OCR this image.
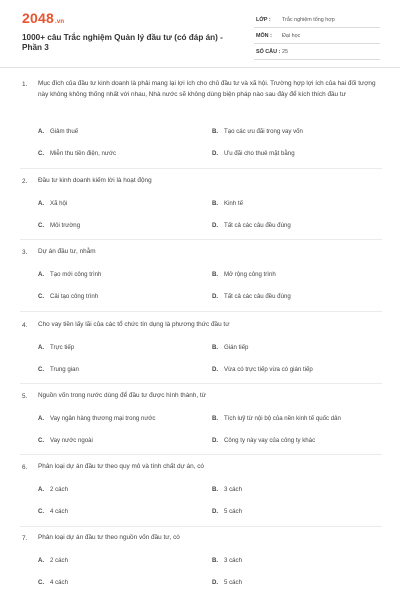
2048.vn
1000+ câu Trắc nghiệm Quản lý đầu tư (có đáp án) - Phần 3
LỚP : Trắc nghiệm tổng hợp
MÔN : Đại học
SỐ CÂU : 25
1. Mục đích của đầu tư kinh doanh là phải mang lại lợi ích cho chủ đầu tư và xã hội. Trường hợp lợi ích của hai đối tượng này không không thống nhất với nhau, Nhà nước sẽ không dùng biện pháp nào sau đây để kích thích đầu tư
A. Giảm thuế	B. Tạo các ưu đãi trong vay vốn
C. Miễn thu tiền điện, nước	D. Ưu đãi cho thuê mặt bằng
2. Đầu tư kinh doanh kiếm lời là hoạt động
A. Xã hội	B. Kinh tế
C. Môi trường	D. Tất cả các câu đều đúng
3. Dự án đầu tư, nhằm
A. Tạo mới công trình	B. Mở rộng công trình
C. Cải tạo công trình	D. Tất cả các câu đều đúng
4. Cho vay tiền lấy lãi của các tổ chức tín dụng là phương thức đầu tư
A. Trực tiếp	B. Gián tiếp
C. Trung gian	D. Vừa có trực tiếp vừa có gián tiếp
5. Nguồn vốn trong nước dùng để đầu tư được hình thành, từ
A. Vay ngân hàng thương mại trong nước	B. Tích luỹ từ nội bộ của nền kinh tế quốc dân
C. Vay nước ngoài	D. Công ty này vay của công ty khác
6. Phân loại dự án đầu tư theo quy mô và tính chất dự án, có
A. 2 cách	B. 3 cách
C. 4 cách	D. 5 cách
7. Phân loại dự án đầu tư theo nguồn vốn đầu tư, có
A. 2 cách	B. 3 cách
C. 4 cách	D. 5 cách
